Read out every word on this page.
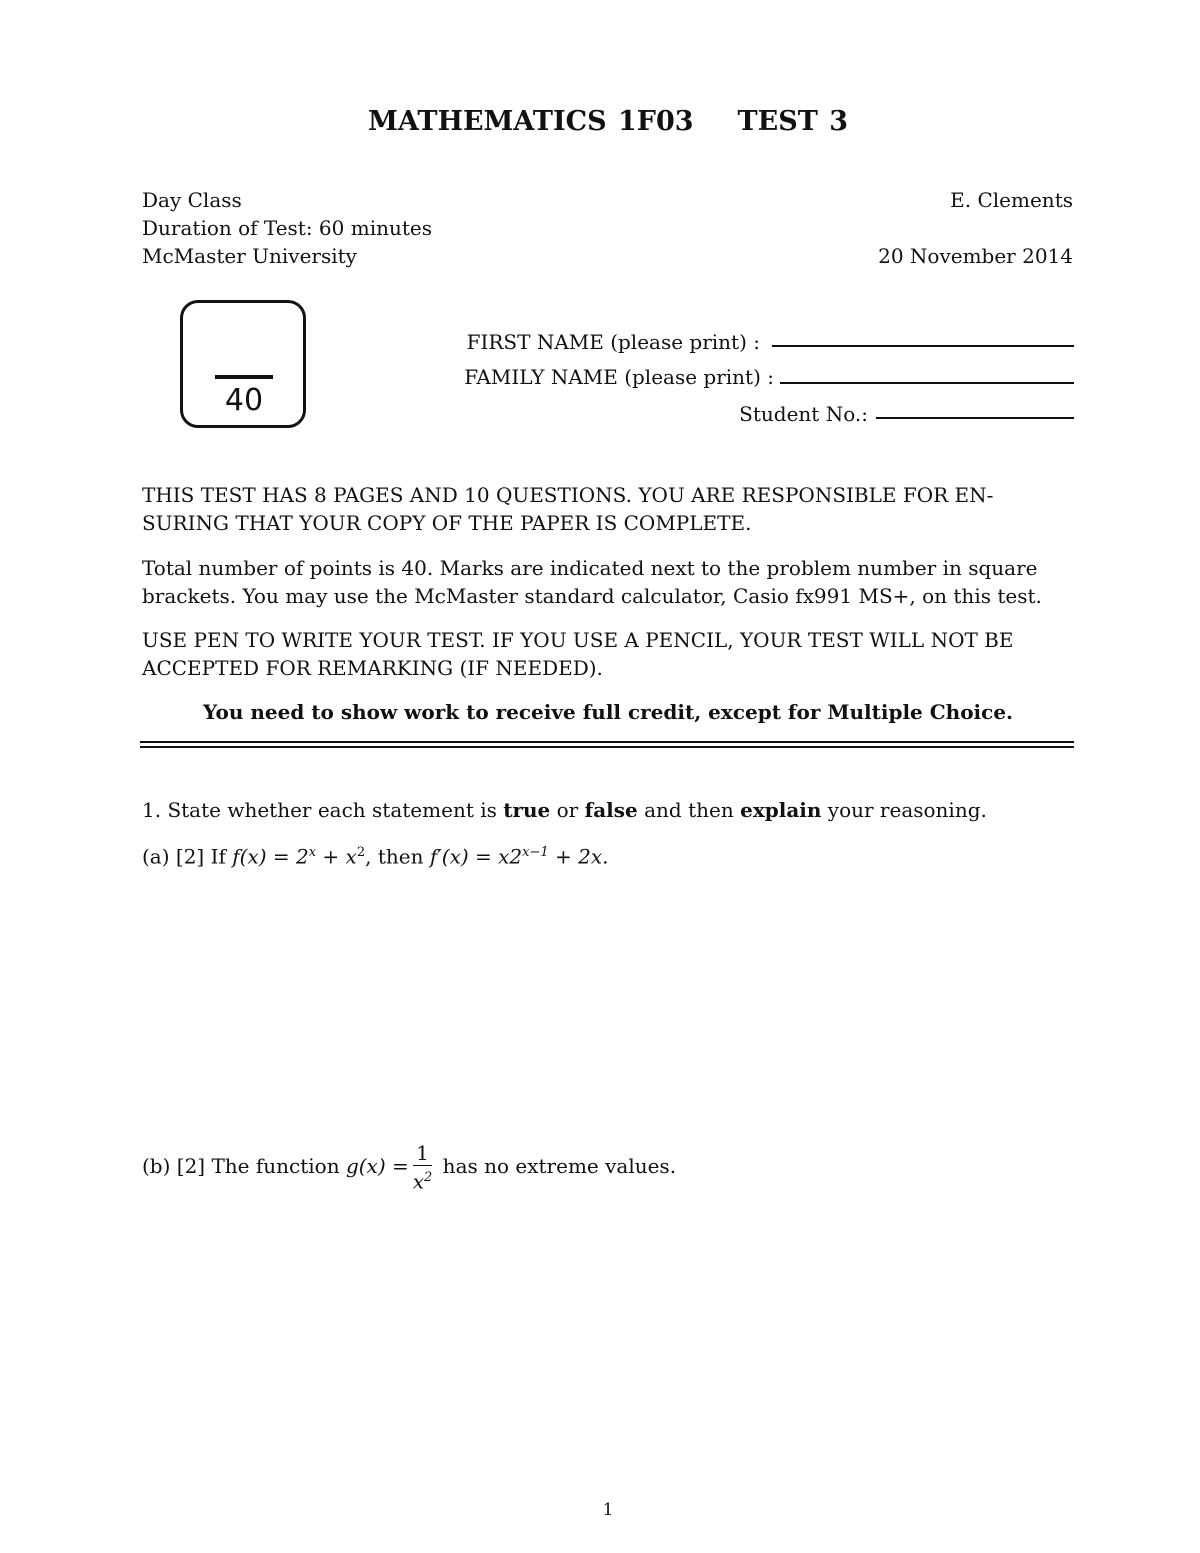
MATHEMATICS 1F03 TEST 3
Day Class
Duration of Test: 60 minutes
McMaster University
E. Clements
20 November 2014
40
FIRST NAME (please print) :
FAMILY NAME (please print) :
Student No.:
THIS TEST HAS 8 PAGES AND 10 QUESTIONS. YOU ARE RESPONSIBLE FOR EN-SURING THAT YOUR COPY OF THE PAPER IS COMPLETE.
Total number of points is 40. Marks are indicated next to the problem number in square brackets. You may use the McMaster standard calculator, Casio fx991 MS+, on this test.
USE PEN TO WRITE YOUR TEST. IF YOU USE A PENCIL, YOUR TEST WILL NOT BE ACCEPTED FOR REMARKING (IF NEEDED).
You need to show work to receive full credit, except for Multiple Choice.
1. State whether each statement is true or false and then explain your reasoning.
(a) [2] If $f(x) = 2^x + x^2$, then $f'(x) = x2^{x-1} + 2x$.
(b) [2] The function $g(x) = \frac{1}{x^2}$ has no extreme values.
1
